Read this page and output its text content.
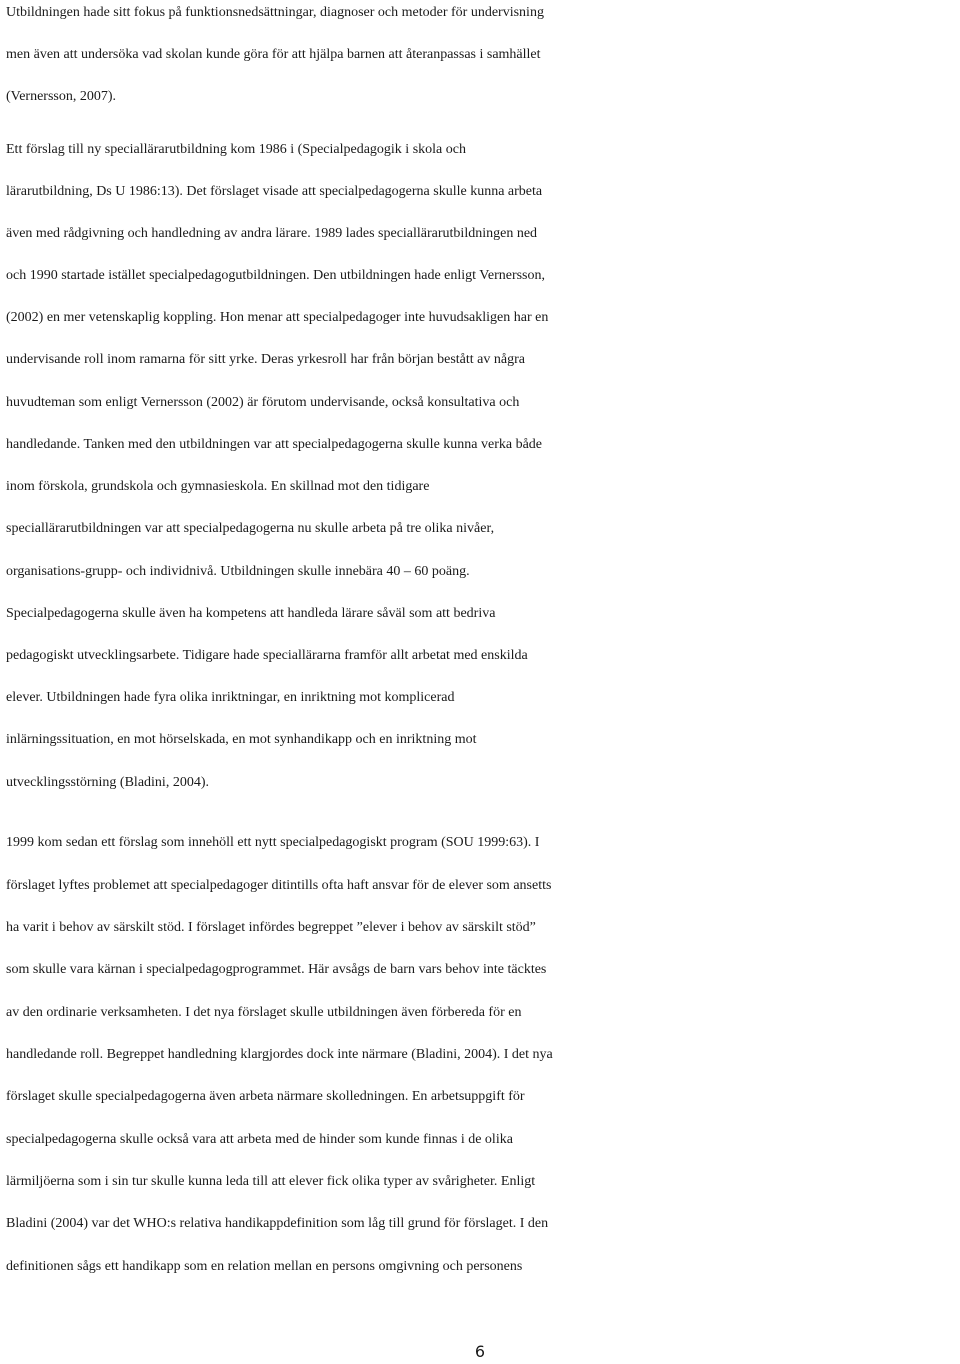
Utbildningen hade sitt fokus på funktionsnedsättningar, diagnoser och metoder för undervisning
men även att undersöka vad skolan kunde göra för att hjälpa barnen att återanpassas i samhället
(Vernersson, 2007).
Ett förslag till ny speciallärarutbildning kom 1986 i (Specialpedagogik i skola och
lärarutbildning, Ds U 1986:13). Det förslaget visade att specialpedagogerna skulle kunna arbeta
även med rådgivning och handledning av andra lärare. 1989 lades speciallärarutbildningen ned
och 1990 startade istället specialpedagogutbildningen. Den utbildningen hade enligt Vernersson,
(2002) en mer vetenskaplig koppling. Hon menar att specialpedagoger inte huvudsakligen har en
undervisande roll inom ramarna för sitt yrke. Deras yrkesroll har från början bestått av några
huvudteman som enligt Vernersson (2002) är förutom undervisande, också konsultativa och
handledande. Tanken med den utbildningen var att specialpedagogerna skulle kunna verka både
inom förskola, grundskola och gymnasieskola. En skillnad mot den tidigare
speciallärarutbildningen var att specialpedagogerna nu skulle arbeta på tre olika nivåer,
organisations-grupp- och individnivå. Utbildningen skulle innebära 40 – 60 poäng.
Specialpedagogerna skulle även ha kompetens att handleda lärare såväl som att bedriva
pedagogiskt utvecklingsarbete. Tidigare hade speciallärarna framför allt arbetat med enskilda
elever. Utbildningen hade fyra olika inriktningar, en inriktning mot komplicerad
inlärningssituation, en mot hörselskada, en mot synhandikapp och en inriktning mot
utvecklingsstörning (Bladini, 2004).
1999 kom sedan ett förslag som innehöll ett nytt specialpedagogiskt program (SOU 1999:63). I
förslaget lyftes problemet att specialpedagoger ditintills ofta haft ansvar för de elever som ansetts
ha varit i behov av särskilt stöd. I förslaget infördes begreppet ”elever i behov av särskilt stöd”
som skulle vara kärnan i specialpedagogprogrammet. Här avsågs de barn vars behov inte täcktes
av den ordinarie verksamheten. I det nya förslaget skulle utbildningen även förbereda för en
handledande roll. Begreppet handledning klargjordes dock inte närmare (Bladini, 2004). I det nya
förslaget skulle specialpedagogerna även arbeta närmare skolledningen. En arbetsuppgift för
specialpedagogerna skulle också vara att arbeta med de hinder som kunde finnas i de olika
lärmiljöerna som i sin tur skulle kunna leda till att elever fick olika typer av svårigheter. Enligt
Bladini (2004) var det WHO:s relativa handikappdefinition som låg till grund för förslaget. I den
definitionen sågs ett handikapp som en relation mellan en persons omgivning och personens
6
